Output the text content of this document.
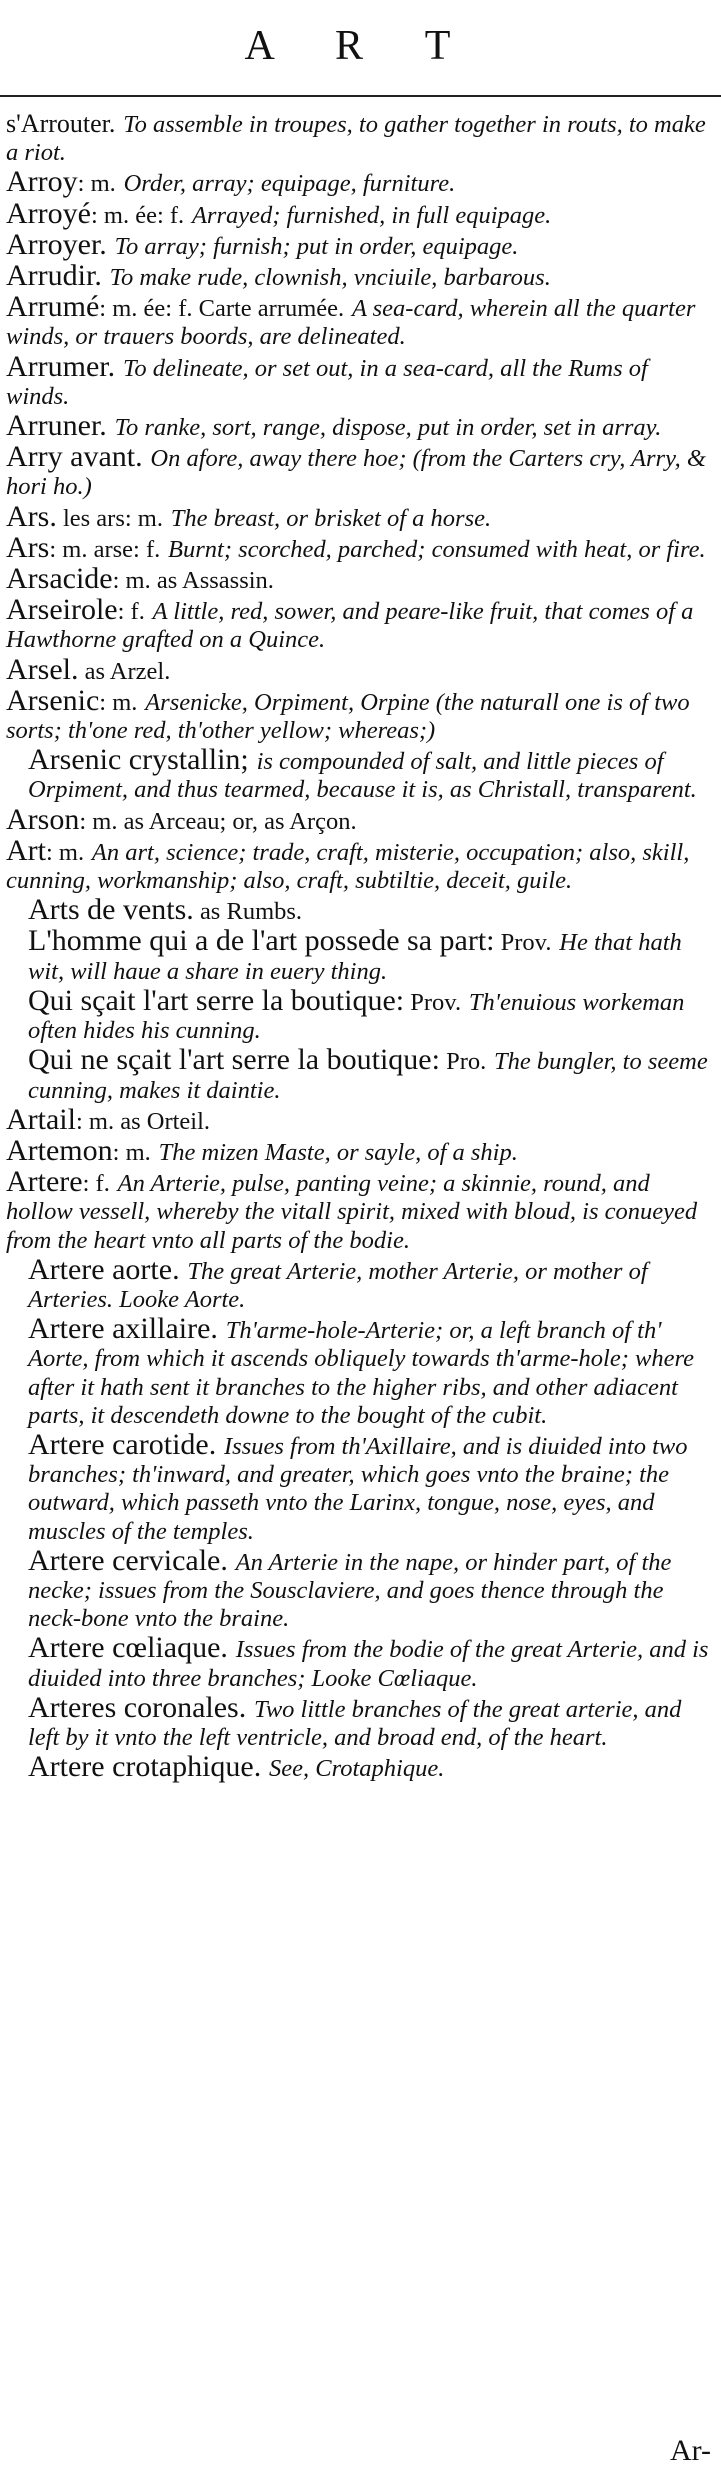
A R T
s'Arrouter. To assemble in troupes, to gather together in routs, to make a riot.
Arroy: m. Order, array; equipage, furniture.
Arroyé: m. ée: f. Arrayed; furnished, in full equipage.
Arroyer. To array; furnish; put in order, equipage.
Arrudir. To make rude, clownish, vnciuile, barbarous.
Arrumé: m. ée: f. Carte arrumée. A sea-card, wherein all the quarter winds, or trauers boords, are delineated.
Arrumer. To delineate, or set out, in a sea-card, all the Rums of winds.
Arruner. To ranke, sort, range, dispose, put in order, set in array.
Arry avant. On afore, away there hoe; (from the Carters cry, Arry, & hori ho.)
Ars. les ars: m. The breast, or brisket of a horse.
Ars: m. arse: f. Burnt; scorched, parched; consumed with heat, or fire.
Arsacide: m. as Assassin.
Arseirole: f. A little, red, sower, and peare-like fruit, that comes of a Hawthorne grafted on a Quince.
Arsel. as Arzel.
Arsenic: m. Arsenicke, Orpiment, Orpine (the naturall one is of two sorts; th'one red, th'other yellow; whereas;)
Arsenic crystallin; is compounded of salt, and little pieces of Orpiment, and thus tearmed, because it is, as Christall, transparent.
Arson: m. as Arceau; or, as Arçon.
Art: m. An art, science; trade, craft, misterie, occupation; also, skill, cunning, workmanship; also, craft, subtiltie, deceit, guile.
Arts de vents. as Rumbs.
L'homme qui a de l'art possede sa part: Prov. He that hath wit, will haue a share in euery thing.
Qui sçait l'art serre la boutique: Prov. Th'enuious workeman often hides his cunning.
Qui ne sçait l'art serre la boutique: Pro. The bungler, to seeme cunning, makes it daintie.
Artail: m. as Orteil.
Artemon: m. The mizen Maste, or sayle, of a ship.
Artere: f. An Arterie, pulse, panting veine; a skinnie, round, and hollow vessell, whereby the vitall spirit, mixed with bloud, is conueyed from the heart vnto all parts of the bodie.
Artere aorte. The great Arterie, mother Arterie, or mother of Arteries. Looke Aorte.
Artere axillaire. Th'arme-hole-Arterie; or, a left branch of th' Aorte, from which it ascends obliquely towards th'arme-hole; where after it hath sent it branches to the higher ribs, and other adiacent parts, it descendeth downe to the bought of the cubit.
Artere carotide. Issues from th'Axillaire, and is diuided into two branches; th'inward, and greater, which goes vnto the braine; the outward, which passeth vnto the Larinx, tongue, nose, eyes, and muscles of the temples.
Artere cervicale. An Arterie in the nape, or hinder part, of the necke; issues from the Sousclaviere, and goes thence through the neck-bone vnto the braine.
Artere cœliaque. Issues from the bodie of the great Arterie, and is diuided into three branches; Looke Cœliaque.
Arteres coronales. Two little branches of the great arterie, and left by it vnto the left ventricle, and broad end, of the heart.
Artere crotaphique. See, Crotaphique.
Ar-
